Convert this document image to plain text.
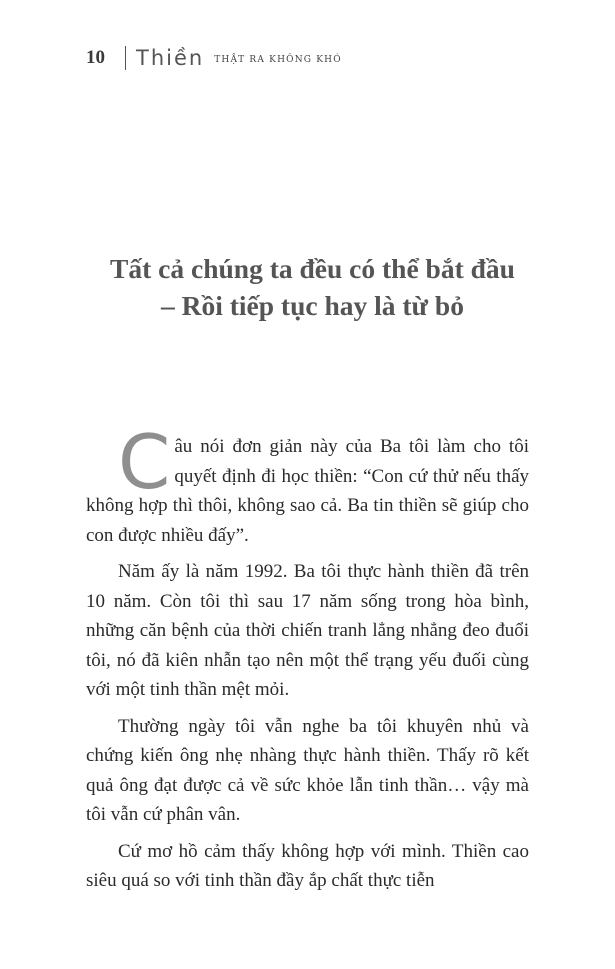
10 Thiền THẬT RA KHÔNG KHÓ
Tất cả chúng ta đều có thể bắt đầu
– Rồi tiếp tục hay là từ bỏ

Câu nói đơn giản này của Ba tôi làm cho tôi quyết định đi học thiền: “Con cứ thử nếu thấy không hợp thì thôi, không sao cả. Ba tin thiền sẽ giúp cho con được nhiều đấy”.

Năm ấy là năm 1992. Ba tôi thực hành thiền đã trên 10 năm. Còn tôi thì sau 17 năm sống trong hòa bình, những căn bệnh của thời chiến tranh lẳng nhẳng đeo đuổi tôi, nó đã kiên nhẫn tạo nên một thể trạng yếu đuối cùng với một tinh thần mệt mỏi.

Thường ngày tôi vẫn nghe ba tôi khuyên nhủ và chứng kiến ông nhẹ nhàng thực hành thiền. Thấy rõ kết quả ông đạt được cả về sức khỏe lẫn tinh thần… vậy mà tôi vẫn cứ phân vân.

Cứ mơ hồ cảm thấy không hợp với mình. Thiền cao siêu quá so với tinh thần đầy ắp chất thực tiễn
